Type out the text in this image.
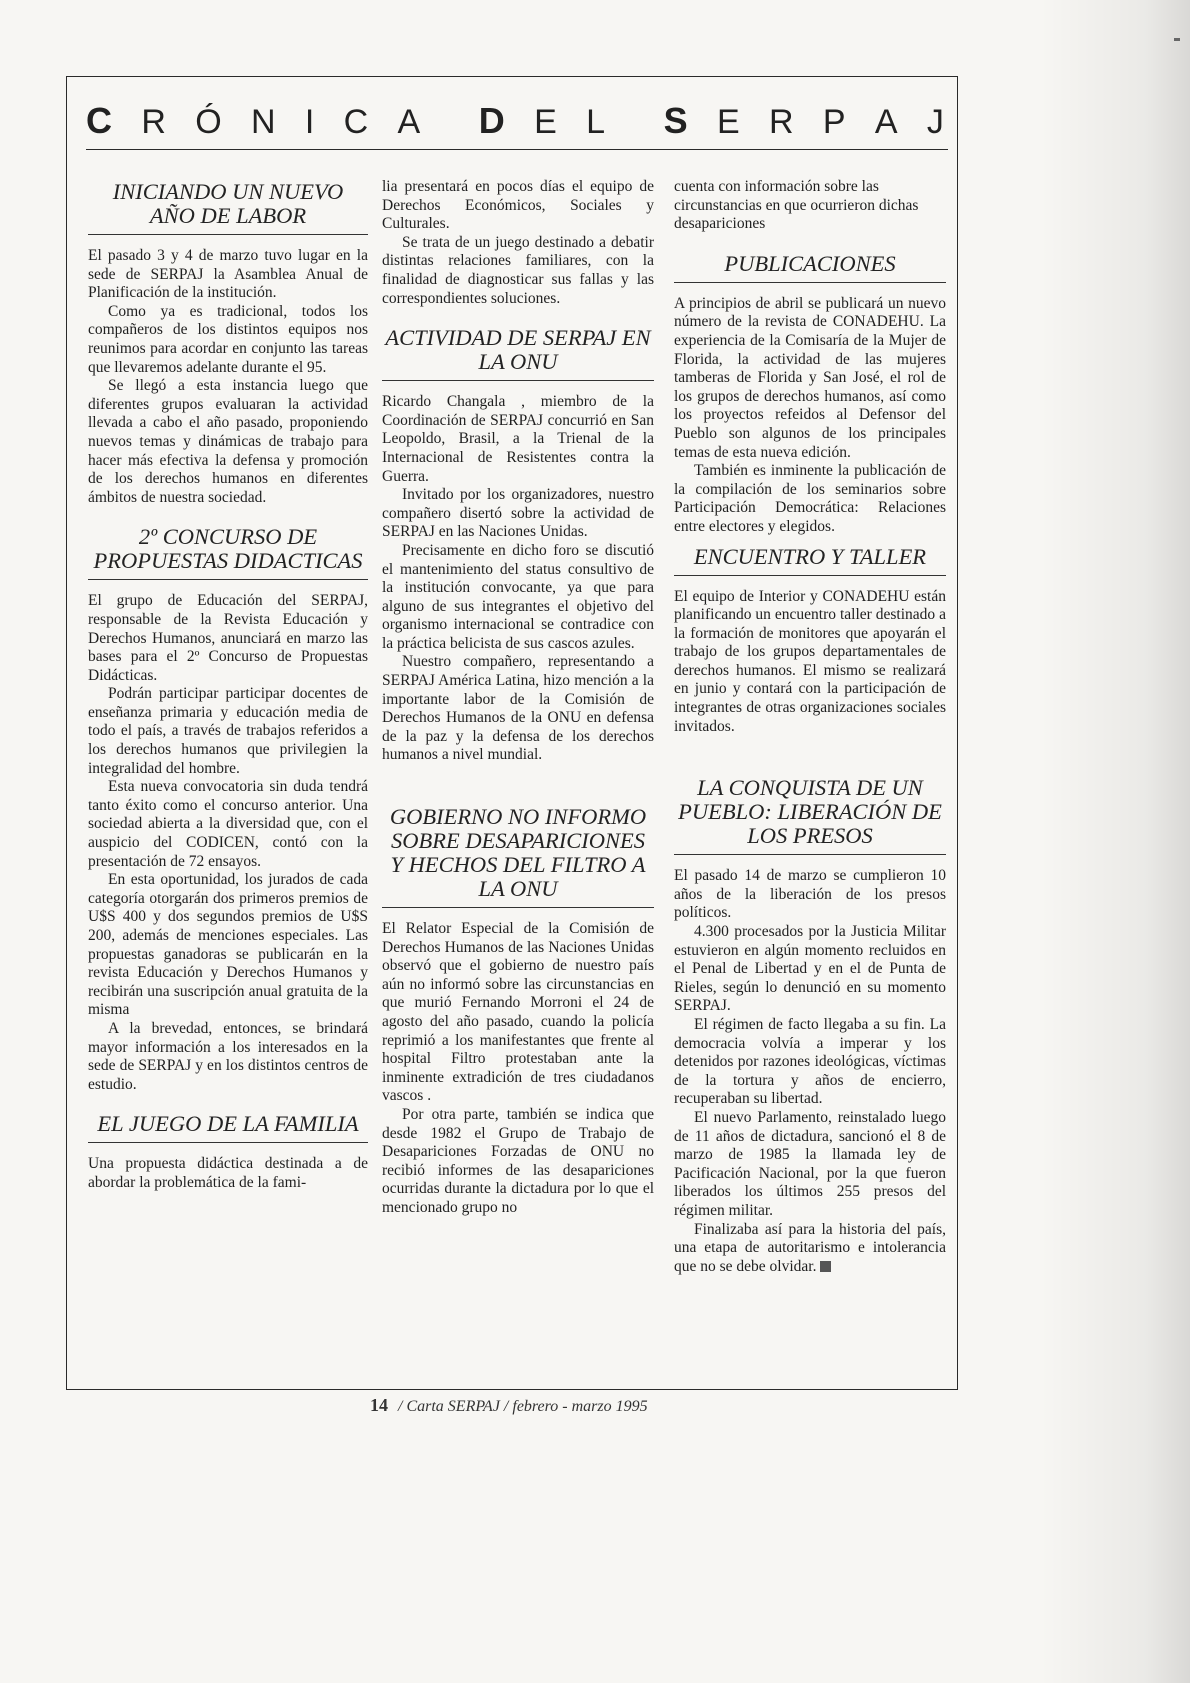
C R Ó N I C A D E L S E R P A J
INICIANDO UN NUEVO AÑO DE LABOR

El pasado 3 y 4 de marzo tuvo lugar en la sede de SERPAJ la Asamblea Anual de Planificación de la institución.

Como ya es tradicional, todos los compañeros de los distintos equipos nos reunimos para acordar en conjunto las tareas que llevaremos adelante durante el 95.

Se llegó a esta instancia luego que diferentes grupos evaluaran la actividad llevada a cabo el año pasado, proponiendo nuevos temas y dinámicas de trabajo para hacer más efectiva la defensa y promoción de los derechos humanos en diferentes ámbitos de nuestra sociedad.

2º CONCURSO DE PROPUESTAS DIDACTICAS

El grupo de Educación del SERPAJ, responsable de la Revista Educación y Derechos Humanos, anunciará en marzo las bases para el 2º Concurso de Propuestas Didácticas.

Podrán participar participar docentes de enseñanza primaria y educación media de todo el país, a través de trabajos referidos a los derechos humanos que privilegien la integralidad del hombre.

Esta nueva convocatoria sin duda tendrá tanto éxito como el concurso anterior. Una sociedad abierta a la diversidad que, con el auspicio del CODICEN, contó con la presentación de 72 ensayos.

En esta oportunidad, los jurados de cada categoría otorgarán dos primeros premios de U$S 400 y dos segundos premios de U$S 200, además de menciones especiales. Las propuestas ganadoras se publicarán en la revista Educación y Derechos Humanos y recibirán una suscripción anual gratuita de la misma

A la brevedad, entonces, se brindará mayor información a los interesados en la sede de SERPAJ y en los distintos centros de estudio.

EL JUEGO DE LA FAMILIA

Una propuesta didáctica destinada a de abordar la problemática de la fami-

lia presentará en pocos días el equipo de Derechos Económicos, Sociales y Culturales.

Se trata de un juego destinado a debatir distintas relaciones familiares, con la finalidad de diagnosticar sus fallas y las correspondientes soluciones.

ACTIVIDAD DE SERPAJ EN LA ONU

Ricardo Changala , miembro de la Coordinación de SERPAJ concurrió en San Leopoldo, Brasil, a la Trienal de la Internacional de Resistentes contra la Guerra.

Invitado por los organizadores, nuestro compañero disertó sobre la actividad de SERPAJ en las Naciones Unidas.

Precisamente en dicho foro se discutió el mantenimiento del status consultivo de la institución convocante, ya que para alguno de sus integrantes el objetivo del organismo internacional se contradice con la práctica belicista de sus cascos azules.

Nuestro compañero, representando a SERPAJ América Latina, hizo mención a la importante labor de la Comisión de Derechos Humanos de la ONU en defensa de la paz y la defensa de los derechos humanos a nivel mundial.

GOBIERNO NO INFORMO SOBRE DESAPARICIONES Y HECHOS DEL FILTRO A LA ONU

El Relator Especial de la Comisión de Derechos Humanos de las Naciones Unidas observó que el gobierno de nuestro país aún no informó sobre las circunstancias en que murió Fernando Morroni el 24 de agosto del año pasado, cuando la policía reprimió a los manifestantes que frente al hospital Filtro protestaban ante la inminente extradición de tres ciudadanos vascos .

Por otra parte, también se indica que desde 1982 el Grupo de Trabajo de Desapariciones Forzadas de ONU no recibió informes de las desapariciones ocurridas durante la dictadura por lo que el mencionado grupo no

cuenta con información sobre las circunstancias en que ocurrieron dichas desapariciones

PUBLICACIONES

A principios de abril se publicará un nuevo número de la revista de CONADEHU. La experiencia de la Comisaría de la Mujer de Florida, la actividad de las mujeres tamberas de Florida y San José, el rol de los grupos de derechos humanos, así como los proyectos refeidos al Defensor del Pueblo son algunos de los principales temas de esta nueva edición.

También es inminente la publicación de la compilación de los seminarios sobre Participación Democrática: Relaciones entre electores y elegidos.

ENCUENTRO Y TALLER

El equipo de Interior y CONADEHU están planificando un encuentro taller destinado a la formación de monitores que apoyarán el trabajo de los grupos departamentales de derechos humanos. El mismo se realizará en junio y contará con la participación de integrantes de otras organizaciones sociales invitados.

LA CONQUISTA DE UN PUEBLO: LIBERACIÓN DE LOS PRESOS

El pasado 14 de marzo se cumplieron 10 años de la liberación de los presos políticos.

4.300 procesados por la Justicia Militar estuvieron en algún momento recluidos en el Penal de Libertad y en el de Punta de Rieles, según lo denunció en su momento SERPAJ.

El régimen de facto llegaba a su fin. La democracia volvía a imperar y los detenidos por razones ideológicas, víctimas de la tortura y años de encierro, recuperaban su libertad.

El nuevo Parlamento, reinstalado luego de 11 años de dictadura, sancionó el 8 de marzo de 1985 la llamada ley de Pacificación Nacional, por la que fueron liberados los últimos 255 presos del régimen militar.

Finalizaba así para la historia del país, una etapa de autoritarismo e intolerancia que no se debe olvidar.

14 / Carta SERPAJ / febrero - marzo 1995
